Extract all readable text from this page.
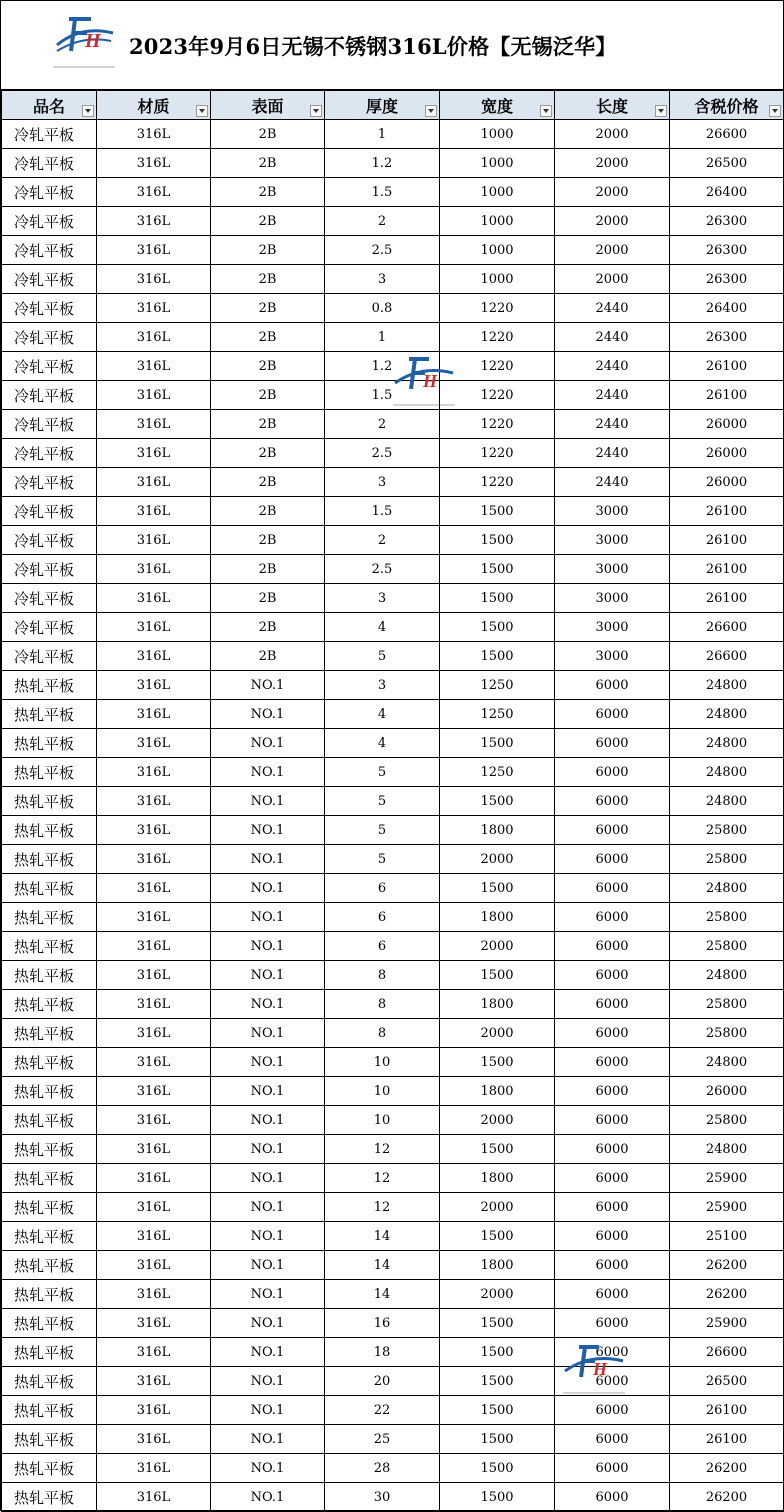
H 2023年9月6日无锡不锈钢316L价格【无锡泛华】
品名	材质	表面	厚度	宽度	长度	含税价格

冷轧平板	316L	2B	1	1000	2000	26600
冷轧平板	316L	2B	1.2	1000	2000	26500
冷轧平板	316L	2B	1.5	1000	2000	26400
冷轧平板	316L	2B	2	1000	2000	26300
冷轧平板	316L	2B	2.5	1000	2000	26300
冷轧平板	316L	2B	3	1000	2000	26300
冷轧平板	316L	2B	0.8	1220	2440	26400
冷轧平板	316L	2B	1	1220	2440	26300
冷轧平板	316L	2B	1.2	1220	2440	26100
冷轧平板	316L	2B	1.5	1220	2440	26100
冷轧平板	316L	2B	2	1220	2440	26000
冷轧平板	316L	2B	2.5	1220	2440	26000
冷轧平板	316L	2B	3	1220	2440	26000
冷轧平板	316L	2B	1.5	1500	3000	26100
冷轧平板	316L	2B	2	1500	3000	26100
冷轧平板	316L	2B	2.5	1500	3000	26100
冷轧平板	316L	2B	3	1500	3000	26100
冷轧平板	316L	2B	4	1500	3000	26600
冷轧平板	316L	2B	5	1500	3000	26600
热轧平板	316L	NO.1	3	1250	6000	24800
热轧平板	316L	NO.1	4	1250	6000	24800
热轧平板	316L	NO.1	4	1500	6000	24800
热轧平板	316L	NO.1	5	1250	6000	24800
热轧平板	316L	NO.1	5	1500	6000	24800
热轧平板	316L	NO.1	5	1800	6000	25800
热轧平板	316L	NO.1	5	2000	6000	25800
热轧平板	316L	NO.1	6	1500	6000	24800
热轧平板	316L	NO.1	6	1800	6000	25800
热轧平板	316L	NO.1	6	2000	6000	25800
热轧平板	316L	NO.1	8	1500	6000	24800
热轧平板	316L	NO.1	8	1800	6000	25800
热轧平板	316L	NO.1	8	2000	6000	25800
热轧平板	316L	NO.1	10	1500	6000	24800
热轧平板	316L	NO.1	10	1800	6000	26000
热轧平板	316L	NO.1	10	2000	6000	25800
热轧平板	316L	NO.1	12	1500	6000	24800
热轧平板	316L	NO.1	12	1800	6000	25900
热轧平板	316L	NO.1	12	2000	6000	25900
热轧平板	316L	NO.1	14	1500	6000	25100
热轧平板	316L	NO.1	14	1800	6000	26200
热轧平板	316L	NO.1	14	2000	6000	26200
热轧平板	316L	NO.1	16	1500	6000	25900
热轧平板	316L	NO.1	18	1500	6000	26600
热轧平板	316L	NO.1	20	1500	6000	26500
热轧平板	316L	NO.1	22	1500	6000	26100
热轧平板	316L	NO.1	25	1500	6000	26100
热轧平板	316L	NO.1	28	1500	6000	26200
热轧平板	316L	NO.1	30	1500	6000	26200
H
H
